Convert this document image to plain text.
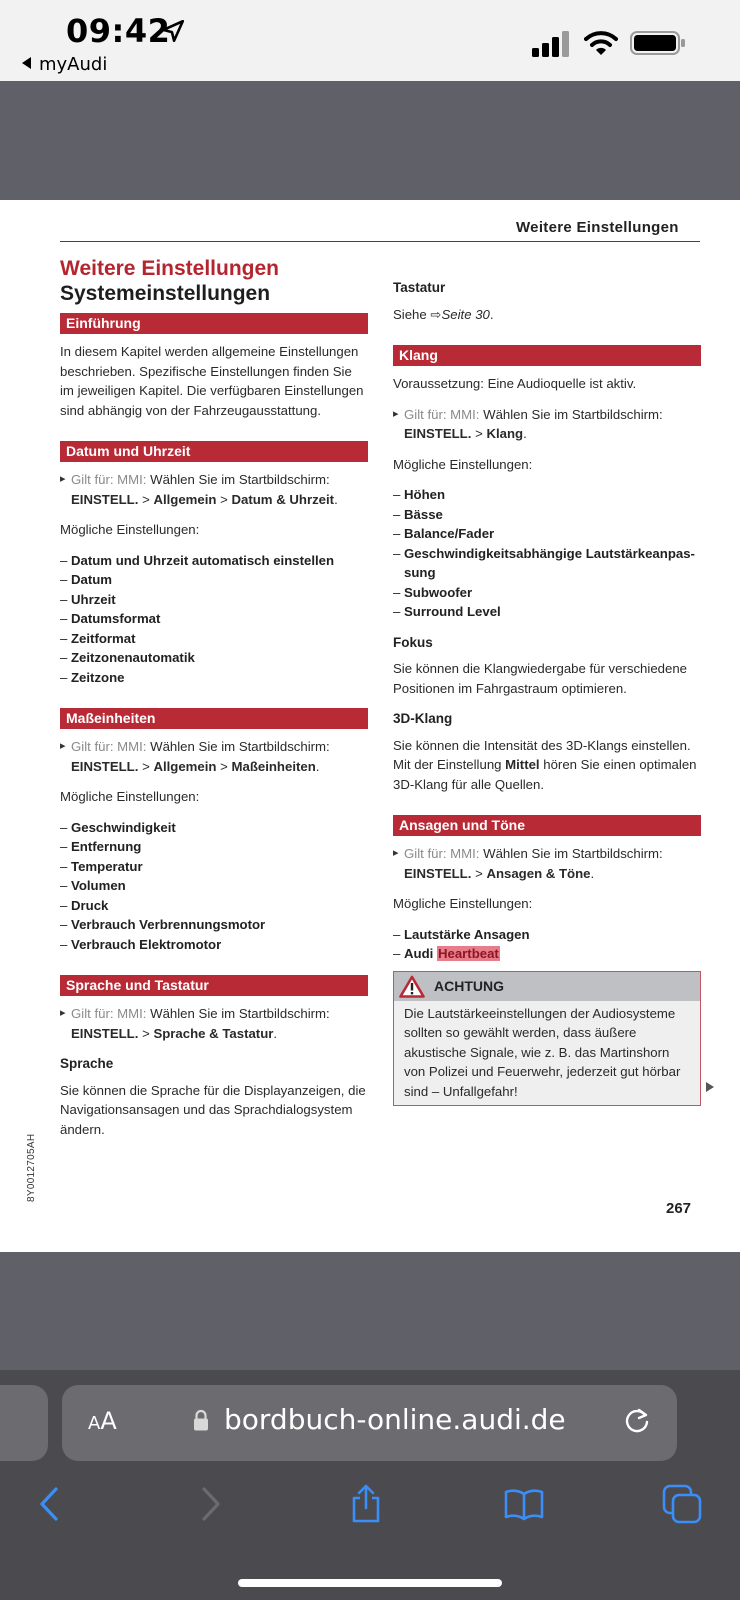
09:42
myAudi
Weitere Einstellungen
8Y0012705AH
Weitere Einstellungen
Systemeinstellungen
Einführung
In diesem Kapitel werden allgemeine Einstellungen beschrieben. Spezifische Einstellungen finden Sie im jeweiligen Kapitel. Die verfügbaren Einstellungen sind abhängig von der Fahrzeugausstattung.
Datum und Uhrzeit
▸ Gilt für: MMI: Wählen Sie im Startbildschirm: EINSTELL. > Allgemein > Datum & Uhrzeit.
Mögliche Einstellungen:
– Datum und Uhrzeit automatisch einstellen
– Datum
– Uhrzeit
– Datumsformat
– Zeitformat
– Zeitzonenautomatik
– Zeitzone
Maßeinheiten
▸ Gilt für: MMI: Wählen Sie im Startbildschirm: EINSTELL. > Allgemein > Maßeinheiten.
Mögliche Einstellungen:
– Geschwindigkeit
– Entfernung
– Temperatur
– Volumen
– Druck
– Verbrauch Verbrennungsmotor
– Verbrauch Elektromotor
Sprache und Tastatur
▸ Gilt für: MMI: Wählen Sie im Startbildschirm: EINSTELL. > Sprache & Tastatur.
Sprache
Sie können die Sprache für die Displayanzeigen, die Navigationsansagen und das Sprachdialogsystem ändern.
Tastatur
Siehe ⇨Seite 30.
Klang
Voraussetzung: Eine Audioquelle ist aktiv.
▸ Gilt für: MMI: Wählen Sie im Startbildschirm: EINSTELL. > Klang.
Mögliche Einstellungen:
– Höhen
– Bässe
– Balance/Fader
– Geschwindigkeitsabhängige Lautstärkeanpassung
– Subwoofer
– Surround Level
Fokus
Sie können die Klangwiedergabe für verschiedene Positionen im Fahrgastraum optimieren.
3D-Klang
Sie können die Intensität des 3D-Klangs einstellen. Mit der Einstellung Mittel hören Sie einen optimalen 3D-Klang für alle Quellen.
Ansagen und Töne
▸ Gilt für: MMI: Wählen Sie im Startbildschirm: EINSTELL. > Ansagen & Töne.
Mögliche Einstellungen:
– Lautstärke Ansagen
– Audi Heartbeat
ACHTUNG
Die Lautstärkeeinstellungen der Audiosysteme sollten so gewählt werden, dass äußere akustische Signale, wie z. B. das Martinshorn von Polizei und Feuerwehr, jederzeit gut hörbar sind – Unfallgefahr!
267
AA	bordbuch-online.audi.de
